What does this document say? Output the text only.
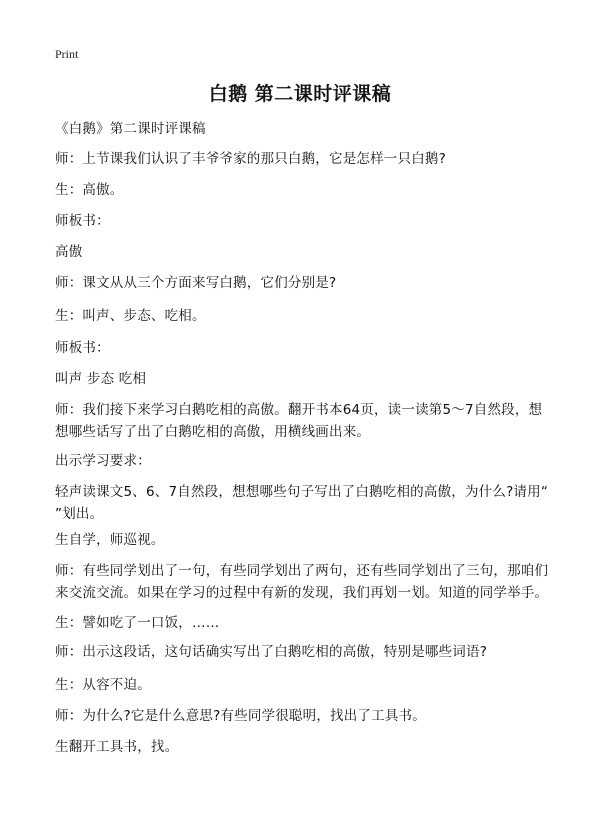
Print
白鹅 第二课时评课稿
《白鹅》第二课时评课稿
师：上节课我们认识了丰爷爷家的那只白鹅，它是怎样一只白鹅?
生：高傲。
师板书：
高傲
师：课文从从三个方面来写白鹅，它们分别是?
生：叫声、步态、吃相。
师板书：
叫声 步态 吃相
师：我们接下来学习白鹅吃相的高傲。翻开书本64页，读一读第5～7自然段，想想哪些话写了出了白鹅吃相的高傲，用横线画出来。
出示学习要求：
轻声读课文5、6、7自然段，想想哪些句子写出了白鹅吃相的高傲，为什么?请用“ ”划出。
生自学，师巡视。
师：有些同学划出了一句，有些同学划出了两句，还有些同学划出了三句，那咱们来交流交流。如果在学习的过程中有新的发现，我们再划一划。知道的同学举手。
生：譬如吃了一口饭，……
师：出示这段话，这句话确实写出了白鹅吃相的高傲，特别是哪些词语?
生：从容不迫。
师：为什么?它是什么意思?有些同学很聪明，找出了工具书。
生翻开工具书，找。
